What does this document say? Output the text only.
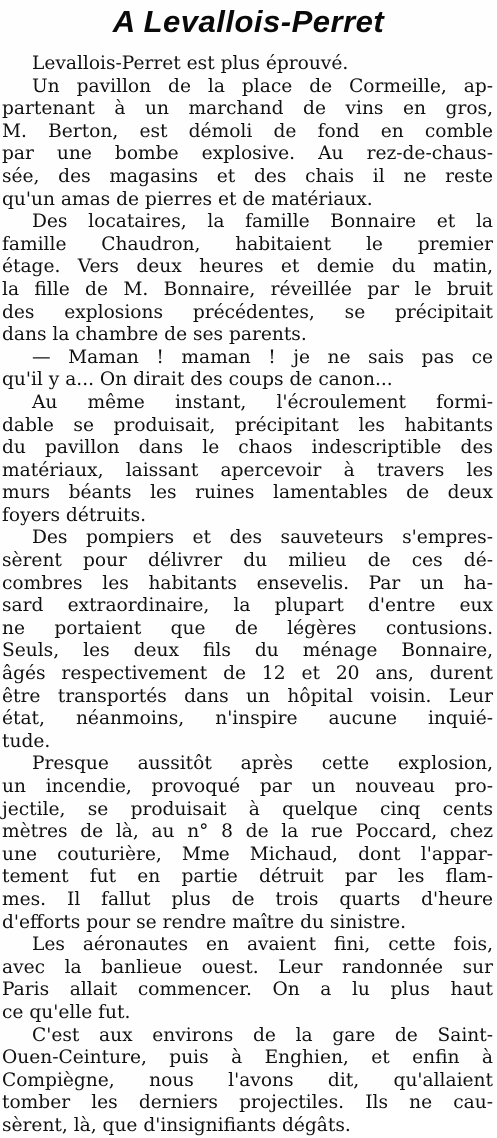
A Levallois-Perret
Levallois-Perret est plus éprouvé.
Un pavillon de la place de Cormeille, ap-
partenant à un marchand de vins en gros,
M. Berton, est démoli de fond en comble
par une bombe explosive. Au rez-de-chaus-
sée, des magasins et des chais il ne reste
qu'un amas de pierres et de matériaux.
Des locataires, la famille Bonnaire et la
famille Chaudron, habitaient le premier
étage. Vers deux heures et demie du matin,
la fille de M. Bonnaire, réveillée par le bruit
des explosions précédentes, se précipitait
dans la chambre de ses parents.
— Maman ! maman ! je ne sais pas ce
qu'il y a... On dirait des coups de canon...
Au même instant, l'écroulement formi-
dable se produisait, précipitant les habitants
du pavillon dans le chaos indescriptible des
matériaux, laissant apercevoir à travers les
murs béants les ruines lamentables de deux
foyers détruits.
Des pompiers et des sauveteurs s'empres-
sèrent pour délivrer du milieu de ces dé-
combres les habitants ensevelis. Par un ha-
sard extraordinaire, la plupart d'entre eux
ne portaient que de légères contusions.
Seuls, les deux fils du ménage Bonnaire,
âgés respectivement de 12 et 20 ans, durent
être transportés dans un hôpital voisin. Leur
état, néanmoins, n'inspire aucune inquié-
tude.
Presque aussitôt après cette explosion,
un incendie, provoqué par un nouveau pro-
jectile, se produisait à quelque cinq cents
mètres de là, au n° 8 de la rue Poccard, chez
une couturière, Mme Michaud, dont l'appar-
tement fut en partie détruit par les flam-
mes. Il fallut plus de trois quarts d'heure
d'efforts pour se rendre maître du sinistre.
Les aéronautes en avaient fini, cette fois,
avec la banlieue ouest. Leur randonnée sur
Paris allait commencer. On a lu plus haut
ce qu'elle fut.
C'est aux environs de la gare de Saint-
Ouen-Ceinture, puis à Enghien, et enfin à
Compiègne, nous l'avons dit, qu'allaient
tomber les derniers projectiles. Ils ne cau-
sèrent, là, que d'insignifiants dégâts.
